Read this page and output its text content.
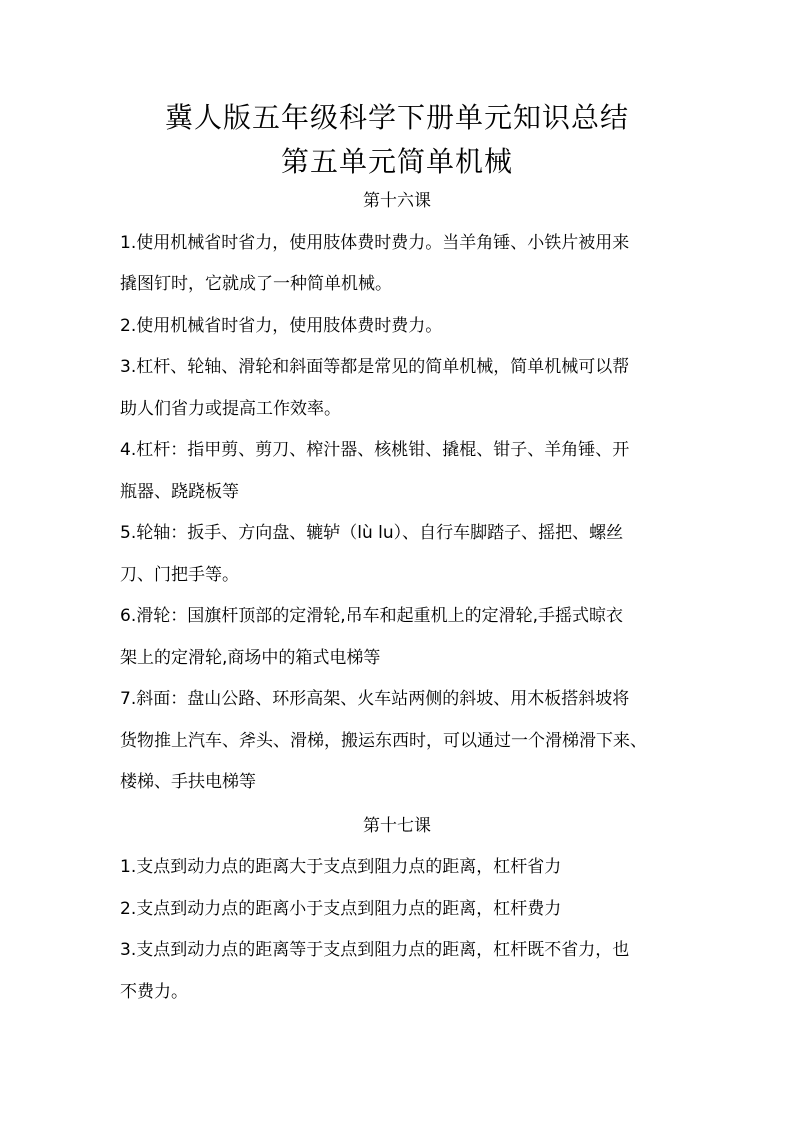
冀人版五年级科学下册单元知识总结
第五单元简单机械
第十六课
1.使用机械省时省力，使用肢体费时费力。当羊角锤、小铁片被用来
撬图钉时，它就成了一种简单机械。
2.使用机械省时省力，使用肢体费时费力。
3.杠杆、轮轴、滑轮和斜面等都是常见的简单机械，简单机械可以帮
助人们省力或提高工作效率。
4.杠杆：指甲剪、剪刀、榨汁器、核桃钳、撬棍、钳子、羊角锤、开
瓶器、跷跷板等
5.轮轴：扳手、方向盘、辘轳（lù lu）、自行车脚踏子、摇把、螺丝
刀、门把手等。
6.滑轮：国旗杆顶部的定滑轮,吊车和起重机上的定滑轮,手摇式晾衣
架上的定滑轮,商场中的箱式电梯等
7.斜面：盘山公路、环形高架、火车站两侧的斜坡、用木板搭斜坡将
货物推上汽车、斧头、滑梯，搬运东西时，可以通过一个滑梯滑下来、
楼梯、手扶电梯等
第十七课
1.支点到动力点的距离大于支点到阻力点的距离，杠杆省力
2.支点到动力点的距离小于支点到阻力点的距离，杠杆费力
3.支点到动力点的距离等于支点到阻力点的距离，杠杆既不省力，也
不费力。
